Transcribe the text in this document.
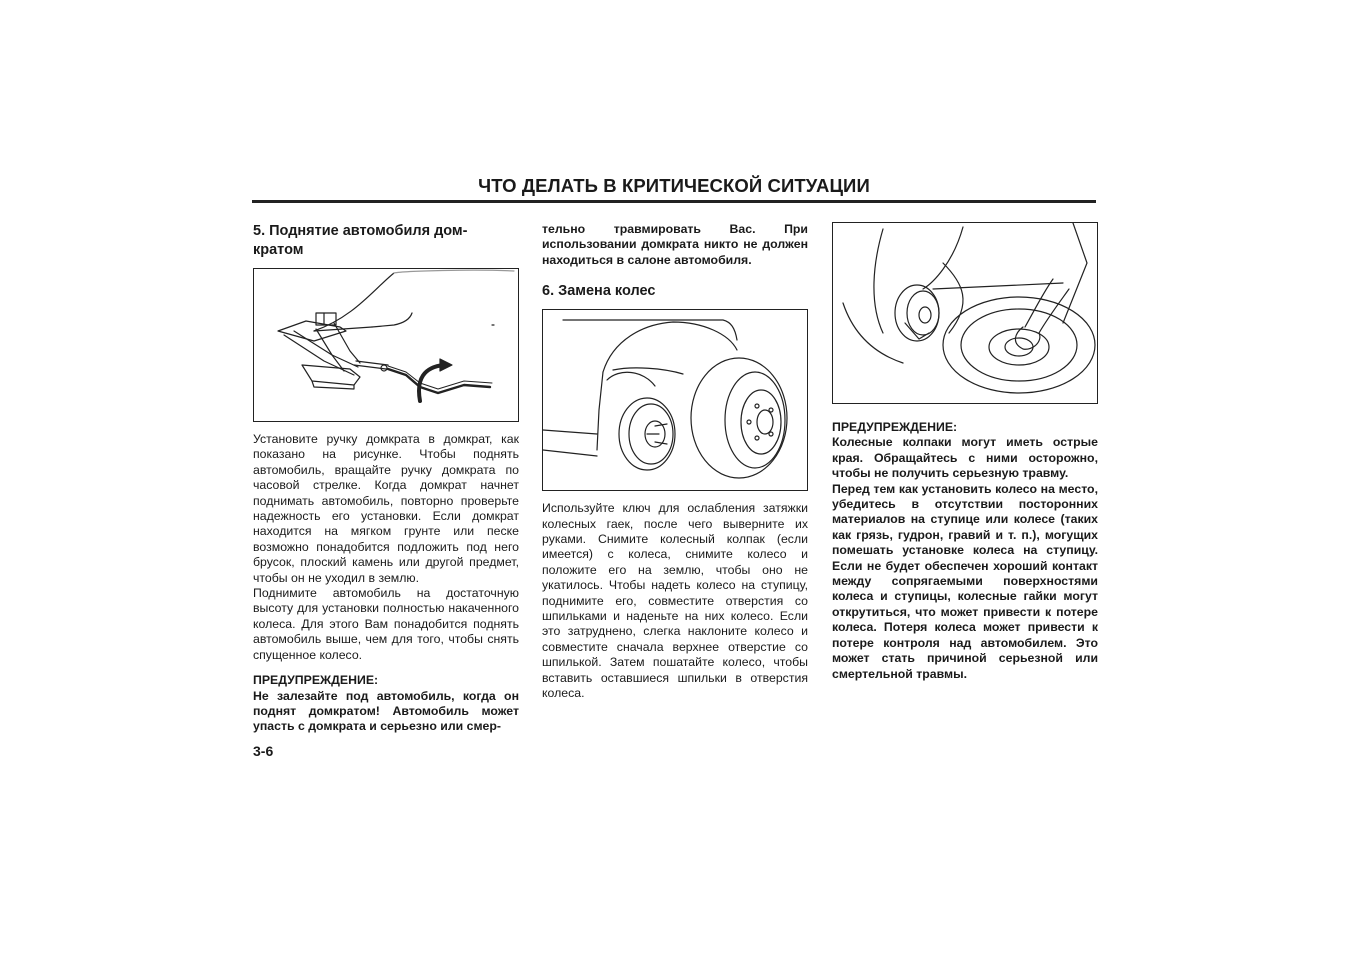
ЧТО ДЕЛАТЬ В КРИТИЧЕСКОЙ СИТУАЦИИ
5. Поднятие автомобиля дом-
кратом

Установите ручку домкрата в домкрат, как показано на рисунке. Чтобы поднять автомобиль, вращайте ручку домкрата по часовой стрелке. Когда домкрат начнет поднимать автомобиль, повторно проверьте надежность его установки. Если домкрат находится на мягком грунте или песке возможно понадобится подложить под него брусок, плоский камень или другой предмет, чтобы он не уходил в землю.

Поднимите автомобиль на достаточную высоту для установки полностью накаченного колеса. Для этого Вам понадобится поднять автомобиль выше, чем для того, чтобы снять спущенное колесо.

ПРЕДУПРЕЖДЕНИЕ:

Не залезайте под автомобиль, когда он поднят домкратом! Автомобиль может упасть с домкрата и серьезно или смер-

тельно травмировать Вас. При использовании домкрата никто не должен находиться в салоне автомобиля.

6. Замена колес

Используйте ключ для ослабления затяжки колесных гаек, после чего выверните их руками. Снимите колесный колпак (если имеется) с колеса, снимите колесо и положите его на землю, чтобы оно не укатилось. Чтобы надеть колесо на ступицу, поднимите его, совместите отверстия со шпильками и наденьте на них колесо. Если это затруднено, слегка наклоните колесо и совместите сначала верхнее отверстие со шпилькой. Затем пошатайте колесо, чтобы вставить оставшиеся шпильки в отверстия колеса.

ПРЕДУПРЕЖДЕНИЕ:

Колесные колпаки могут иметь острые края. Обращайтесь с ними осторожно, чтобы не получить серьезную травму.

Перед тем как установить колесо на место, убедитесь в отсутствии посторонних материалов на ступице или колесе (таких как грязь, гудрон, гравий и т. п.), могущих помешать установке колеса на ступицу. Если не будет обеспечен хороший контакт между сопрягаемыми поверхностями колеса и ступицы, колесные гайки могут открутиться, что может привести к потере колеса. Потеря колеса может привести к потере контроля над автомобилем. Это может стать причиной серьезной или смертельной травмы.

3-6
